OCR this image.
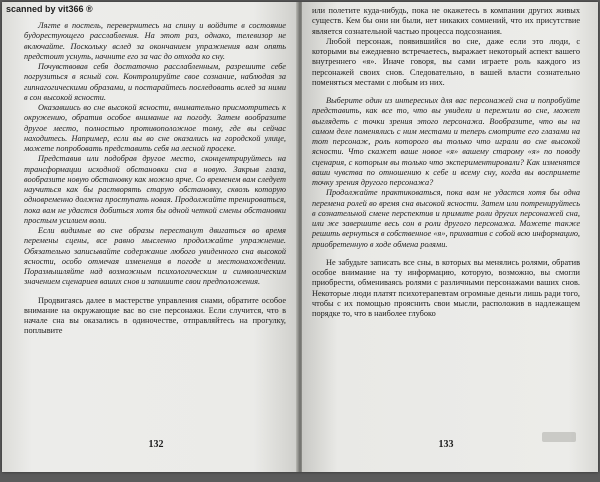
scanned by vit366 ®

Лягте в постель, перевернитесь на спину и войдите в состояние будорестующего расслабления. На этот раз, однако, телевизор не включайте. Поскольку вслед за окончанием упражнения вам опять предстоит уснуть, начните его за час до отхода ко сну.

Почувствовав себя достаточно расслабленным, разрешите себе погрузиться в ясный сон. Контролируйте свое сознание, наблюдая за гипнагогическими образами, и постарайтесь последовать вслед за ними в сон высокой ясности.

Оказавшись во сне высокой ясности, внимательно присмотритесь к окружению, обратив особое внимание на погоду. Затем вообразите другое место, полностью противоположное тому, где вы сейчас находитесь. Например, если вы во сне оказались на городской улице, можете попробовать представить себя на лесной просеке.

Представив или подобрав другое место, сконцентрируйтесь на трансформации исходной обстановки сна в новую. Закрыв глаза, вообразите новую обстановку как можно ярче. Со временем вам следует научиться как бы растворять старую обстановку, сквозь которую одновременно должна проступать новая. Продолжайте тренироваться, пока вам не удастся добиться хотя бы одной четкой смены обстановки простым усилием воли.

Если видимые во сне образы перестанут двигаться во время перемены сцены, все равно мысленно продолжайте упражнение. Обязательно записывайте содержание любого увиденного сна высокой ясности, особо отмечая изменения в погоде и местонахождении. Поразмышляйте над возможным психологическим и символическим значением сценариев ваших снов и запишите свои предположения.

Продвигаясь далее в мастерстве управления снами, обратите особое внимание на окружающие вас во сне персонажи. Если случится, что в начале сна вы оказались в одиночестве, отправляйтесь на прогулку, поплывите

132

или полетите куда-нибудь, пока не окажетесь в компании других живых существ. Кем бы они ни были, нет никаких сомнений, что их присутствие является сознательной частью процесса подсознания.

Любой персонаж, появившийся во сне, даже если это люди, с которыми вы ежедневно встречаетесь, выражает некоторый аспект вашего внутреннего «я». Иначе говоря, вы сами играете роль каждого из персонажей своих снов. Следовательно, в вашей власти сознательно поменяться местами с любым из них.

Выберите один из интересных для вас персонажей сна и попробуйте представить, как все то, что вы увидели и пережили во сне, может выглядеть с точки зрения этого персонажа. Вообразите, что вы на самом деле поменялись с ним местами и теперь смотрите его глазами на тот персонаж, роль которого вы только что играли во сне высокой ясности. Что скажет ваше новое «я» вашему старому «я» по поводу сценария, с которым вы только что экспериментировали? Как изменятся ваши чувства по отношению к себе и всему сну, когда вы воспримете точку зрения другого персонажа?

Продолжайте практиковаться, пока вам не удастся хотя бы одна перемена ролей во время сна высокой ясности. Затем или потренируйтесь в сознательной смене перспектив и примите роли других персонажей сна, или же завершите весь сон в роли другого персонажа. Можете также решить вернуться в собственное «я», прихватив с собой всю информацию, приобретенную в ходе обмена ролями.

Не забудьте записать все сны, в которых вы менялись ролями, обратив особое внимание на ту информацию, которую, возможно, вы смогли приобрести, обмениваясь ролями с различными персонажами ваших снов. Некоторые люди платят психотерапевтам огромные деньги лишь ради того, чтобы с их помощью прояснить свои мысли, расположив в надлежащем порядке то, что в наиболее глубоко

133
